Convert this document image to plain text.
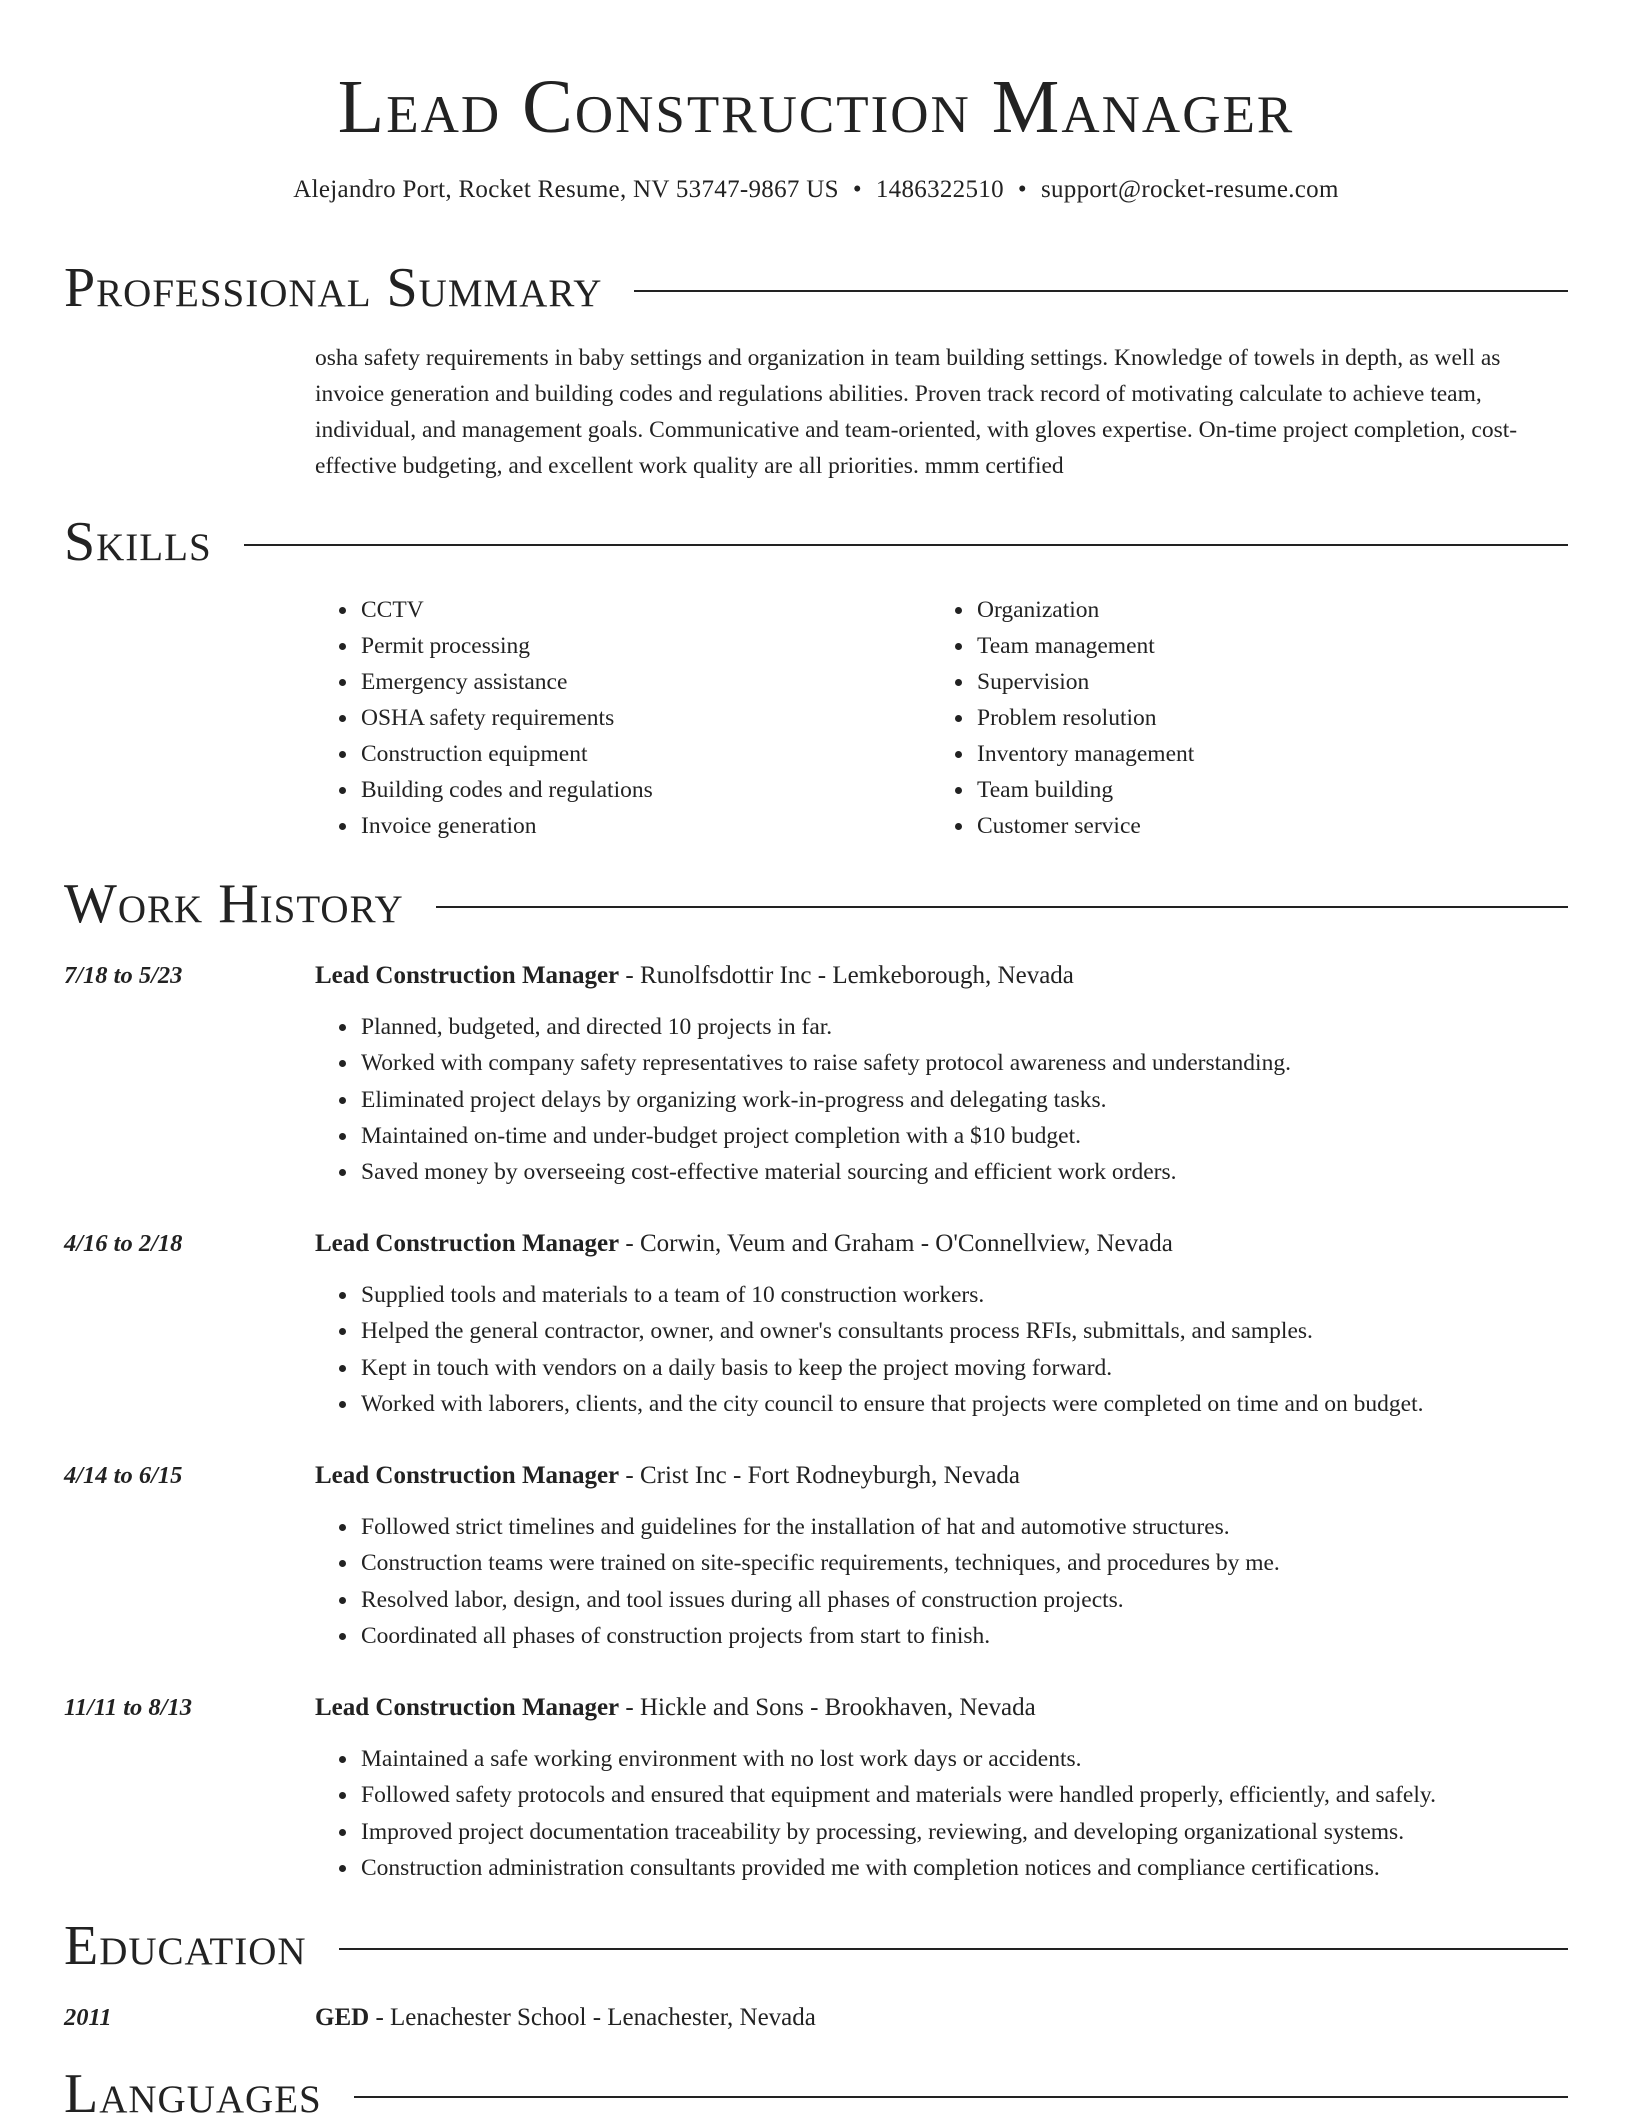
Lead Construction Manager
Alejandro Port, Rocket Resume, NV 53747-9867 US • 1486322510 • support@rocket-resume.com
Professional Summary

osha safety requirements in baby settings and organization in team building settings. Knowledge of towels in depth, as well as invoice generation and building codes and regulations abilities. Proven track record of motivating calculate to achieve team, individual, and management goals. Communicative and team-oriented, with gloves expertise. On-time project completion, cost-effective budgeting, and excellent work quality are all priorities. mmm certified

Skills
• CCTV
• Permit processing
• Emergency assistance
• OSHA safety requirements
• Construction equipment
• Building codes and regulations
• Invoice generation
• Organization
• Team management
• Supervision
• Problem resolution
• Inventory management
• Team building
• Customer service
Work History
7/18 to 5/23	Lead Construction Manager - Runolfsdottir Inc - Lemkeborough, Nevada
• Planned, budgeted, and directed 10 projects in far.
• Worked with company safety representatives to raise safety protocol awareness and understanding.
• Eliminated project delays by organizing work-in-progress and delegating tasks.
• Maintained on-time and under-budget project completion with a $10 budget.
• Saved money by overseeing cost-effective material sourcing and efficient work orders.
4/16 to 2/18	Lead Construction Manager - Corwin, Veum and Graham - O'Connellview, Nevada
• Supplied tools and materials to a team of 10 construction workers.
• Helped the general contractor, owner, and owner's consultants process RFIs, submittals, and samples.
• Kept in touch with vendors on a daily basis to keep the project moving forward.
• Worked with laborers, clients, and the city council to ensure that projects were completed on time and on budget.
4/14 to 6/15	Lead Construction Manager - Crist Inc - Fort Rodneyburgh, Nevada
• Followed strict timelines and guidelines for the installation of hat and automotive structures.
• Construction teams were trained on site-specific requirements, techniques, and procedures by me.
• Resolved labor, design, and tool issues during all phases of construction projects.
• Coordinated all phases of construction projects from start to finish.
11/11 to 8/13	Lead Construction Manager - Hickle and Sons - Brookhaven, Nevada
• Maintained a safe working environment with no lost work days or accidents.
• Followed safety protocols and ensured that equipment and materials were handled properly, efficiently, and safely.
• Improved project documentation traceability by processing, reviewing, and developing organizational systems.
• Construction administration consultants provided me with completion notices and compliance certifications.
Education
2011	GED - Lenachester School - Lenachester, Nevada
Languages
